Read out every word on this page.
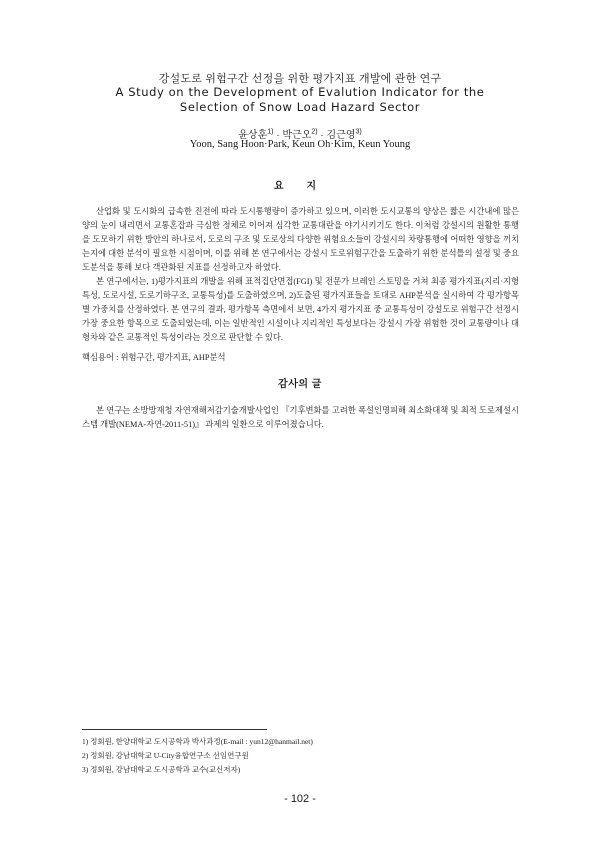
강설도로 위험구간 선정을 위한 평가지표 개발에 관한 연구
A Study on the Development of Evalution Indicator for the
Selection of Snow Load Hazard Sector
윤상훈$^{1)}$ · 박근오$^{2)}$ · 김근영$^{3)}$
Yoon, Sang Hoon·Park, Keun Oh·Kim, Keun Young
요 지

산업화 및 도시화의 급속한 진전에 따라 도시통행량이 증가하고 있으며, 이러한 도시교통의 양상은 짧은 시간내에 많은 양의 눈이 내리면서 교통혼잡과 극심한 정체로 이어져 심각한 교통대란을 야기시키기도 한다. 이처럼 강설시의 원활한 통행을 도모하기 위한 방안의 하나로서, 도로의 구조 및 도로상의 다양한 위험요소들이 강설시의 차량통행에 어떠한 영향을 끼치는지에 대한 분석이 필요한 시점이며, 이를 위해 본 연구에서는 강설시 도로위험구간을 도출하기 위한 분석틀의 설정 및 중요도분석을 통해 보다 객관화된 지표를 선정하고자 하였다.

본 연구에서는, 1)평가지표의 개발을 위해 표적집단면접(FGI) 및 전문가 브레인 스토밍을 거쳐 최종 평가지표(지리·지형특성, 도로시설, 도로기하구조, 교통특성)를 도출하였으며, 2)도출된 평가지표들을 토대로 AHP분석을 실시하여 각 평가항목별 가중치를 산정하였다. 본 연구의 결과, 평가항목 측면에서 보면, 4가지 평가지표 중 교통특성이 강설도로 위험구간 선정시 가장 중요한 항목으로 도출되었는데, 이는 일반적인 시설이나 지리적인 특성보다는 강설시 가장 위험한 것이 교통량이나 대형차와 같은 교통적인 특성이라는 것으로 판단할 수 있다.

핵심용어 : 위험구간, 평가지표, AHP분석
감사의 글

본 연구는 소방방재청 자연재해저감기술개발사업인 『기후변화를 고려한 폭설인명피해 최소화대책 및 최적 도로제설시스템 개발(NEMA-자연-2011-51)』 과제의 일환으로 이루어졌습니다.

1) 정회원, 한양대학교 도시공학과 박사과정(E-mail : yun12@hanmail.net)
2) 정회원, 강남대학교 U-City융합연구소 선임연구원
3) 정회원, 강남대학교 도시공학과 교수(교신저자)
- 102 -
